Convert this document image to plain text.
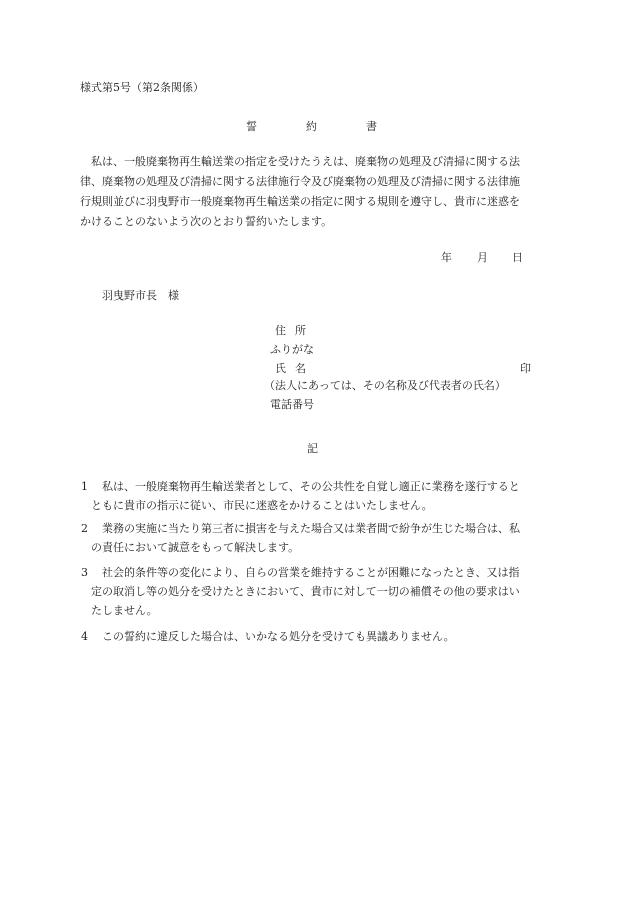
様式第5号（第2条関係）
誓	約	書
私は、一般廃棄物再生輸送業の指定を受けたうえは、廃棄物の処理及び清掃に関する法
律、廃棄物の処理及び清掃に関する法律施行令及び廃棄物の処理及び清掃に関する法律施
行規則並びに羽曳野市一般廃棄物再生輸送業の指定に関する規則を遵守し、貴市に迷惑を
かけることのないよう次のとおり誓約いたします。
年 月 日
羽曳野市長　様
住 所
ふりがな
氏 名	印
（法人にあっては、その名称及び代表者の氏名）
電話番号
記
1 私は、一般廃棄物再生輸送業者として、その公共性を自覚し適正に業務を遂行すると
ともに貴市の指示に従い、市民に迷惑をかけることはいたしません。
2 業務の実施に当たり第三者に損害を与えた場合又は業者間で紛争が生じた場合は、私
の責任において誠意をもって解決します。
3 社会的条件等の変化により、自らの営業を維持することが困難になったとき、又は指
定の取消し等の処分を受けたときにおいて、貴市に対して一切の補償その他の要求はい
たしません。
4 この誓約に違反した場合は、いかなる処分を受けても異議ありません。
